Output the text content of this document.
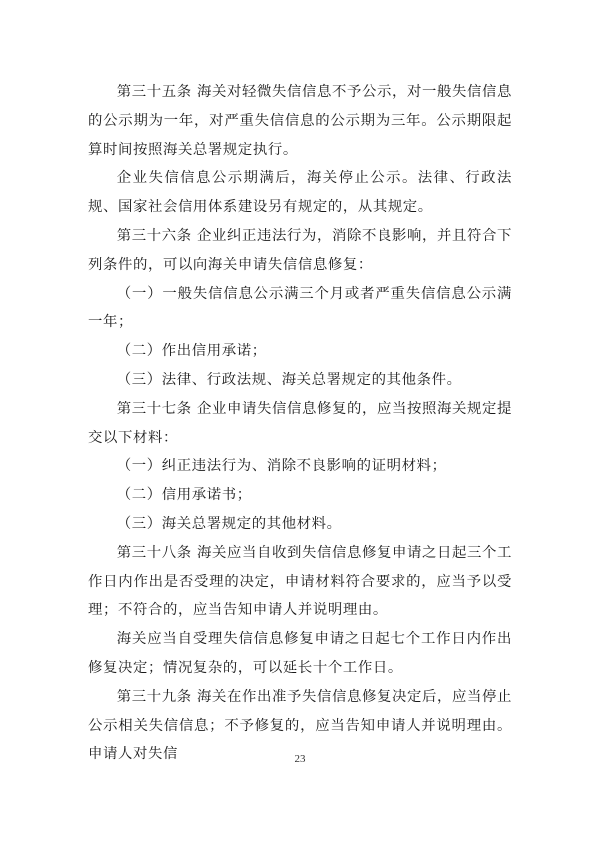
第三十五条 海关对轻微失信信息不予公示，对一般失信信息的公示期为一年，对严重失信信息的公示期为三年。公示期限起算时间按照海关总署规定执行。

企业失信信息公示期满后，海关停止公示。法律、行政法规、国家社会信用体系建设另有规定的，从其规定。

第三十六条 企业纠正违法行为，消除不良影响，并且符合下列条件的，可以向海关申请失信信息修复：

（一）一般失信信息公示满三个月或者严重失信信息公示满一年；

（二）作出信用承诺；

（三）法律、行政法规、海关总署规定的其他条件。

第三十七条 企业申请失信信息修复的，应当按照海关规定提交以下材料：

（一）纠正违法行为、消除不良影响的证明材料；

（二）信用承诺书；

（三）海关总署规定的其他材料。

第三十八条 海关应当自收到失信信息修复申请之日起三个工作日内作出是否受理的决定，申请材料符合要求的，应当予以受理；不符合的，应当告知申请人并说明理由。

海关应当自受理失信信息修复申请之日起七个工作日内作出修复决定；情况复杂的，可以延长十个工作日。

第三十九条 海关在作出准予失信信息修复决定后，应当停止公示相关失信信息；不予修复的，应当告知申请人并说明理由。申请人对失信	23
